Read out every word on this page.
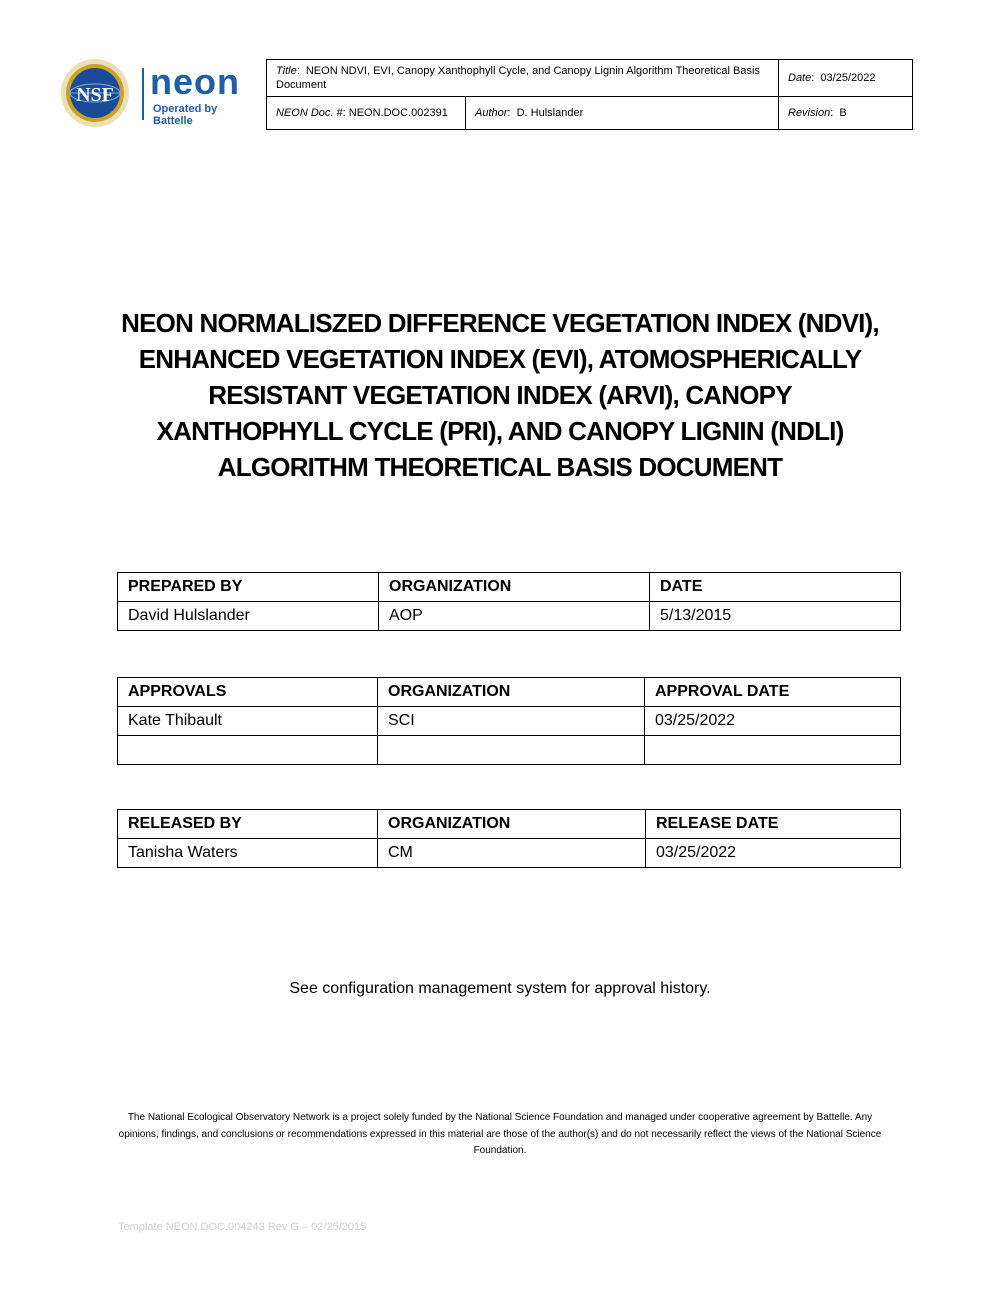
NSF neon
Operated by Battelle
Title:  NEON NDVI, EVI, Canopy Xanthophyll Cycle, and Canopy Lignin Algorithm Theoretical Basis Document		Date:  03/25/2022
NEON Doc. #: NEON.DOC.002391	Author:  D. Hulslander	Revision:  B
NEON NORMALISZED DIFFERENCE VEGETATION INDEX (NDVI),
ENHANCED VEGETATION INDEX (EVI), ATOMOSPHERICALLY
RESISTANT VEGETATION INDEX (ARVI), CANOPY
XANTHOPHYLL CYCLE (PRI), AND CANOPY LIGNIN (NDLI)
ALGORITHM THEORETICAL BASIS DOCUMENT
PREPARED BY	ORGANIZATION	DATE
David Hulslander	AOP	5/13/2015
APPROVALS	ORGANIZATION	APPROVAL DATE
Kate Thibault	SCI	03/25/2022

RELEASED BY	ORGANIZATION	RELEASE DATE
Tanisha Waters	CM	03/25/2022
See configuration management system for approval history.
The National Ecological Observatory Network is a project solely funded by the National Science Foundation and managed under cooperative agreement by Battelle. Any opinions, findings, and conclusions or recommendations expressed in this material are those of the author(s) and do not necessarily reflect the views of the National Science Foundation.
Template NEON.DOC.004243 Rev G – 02/25/2015
